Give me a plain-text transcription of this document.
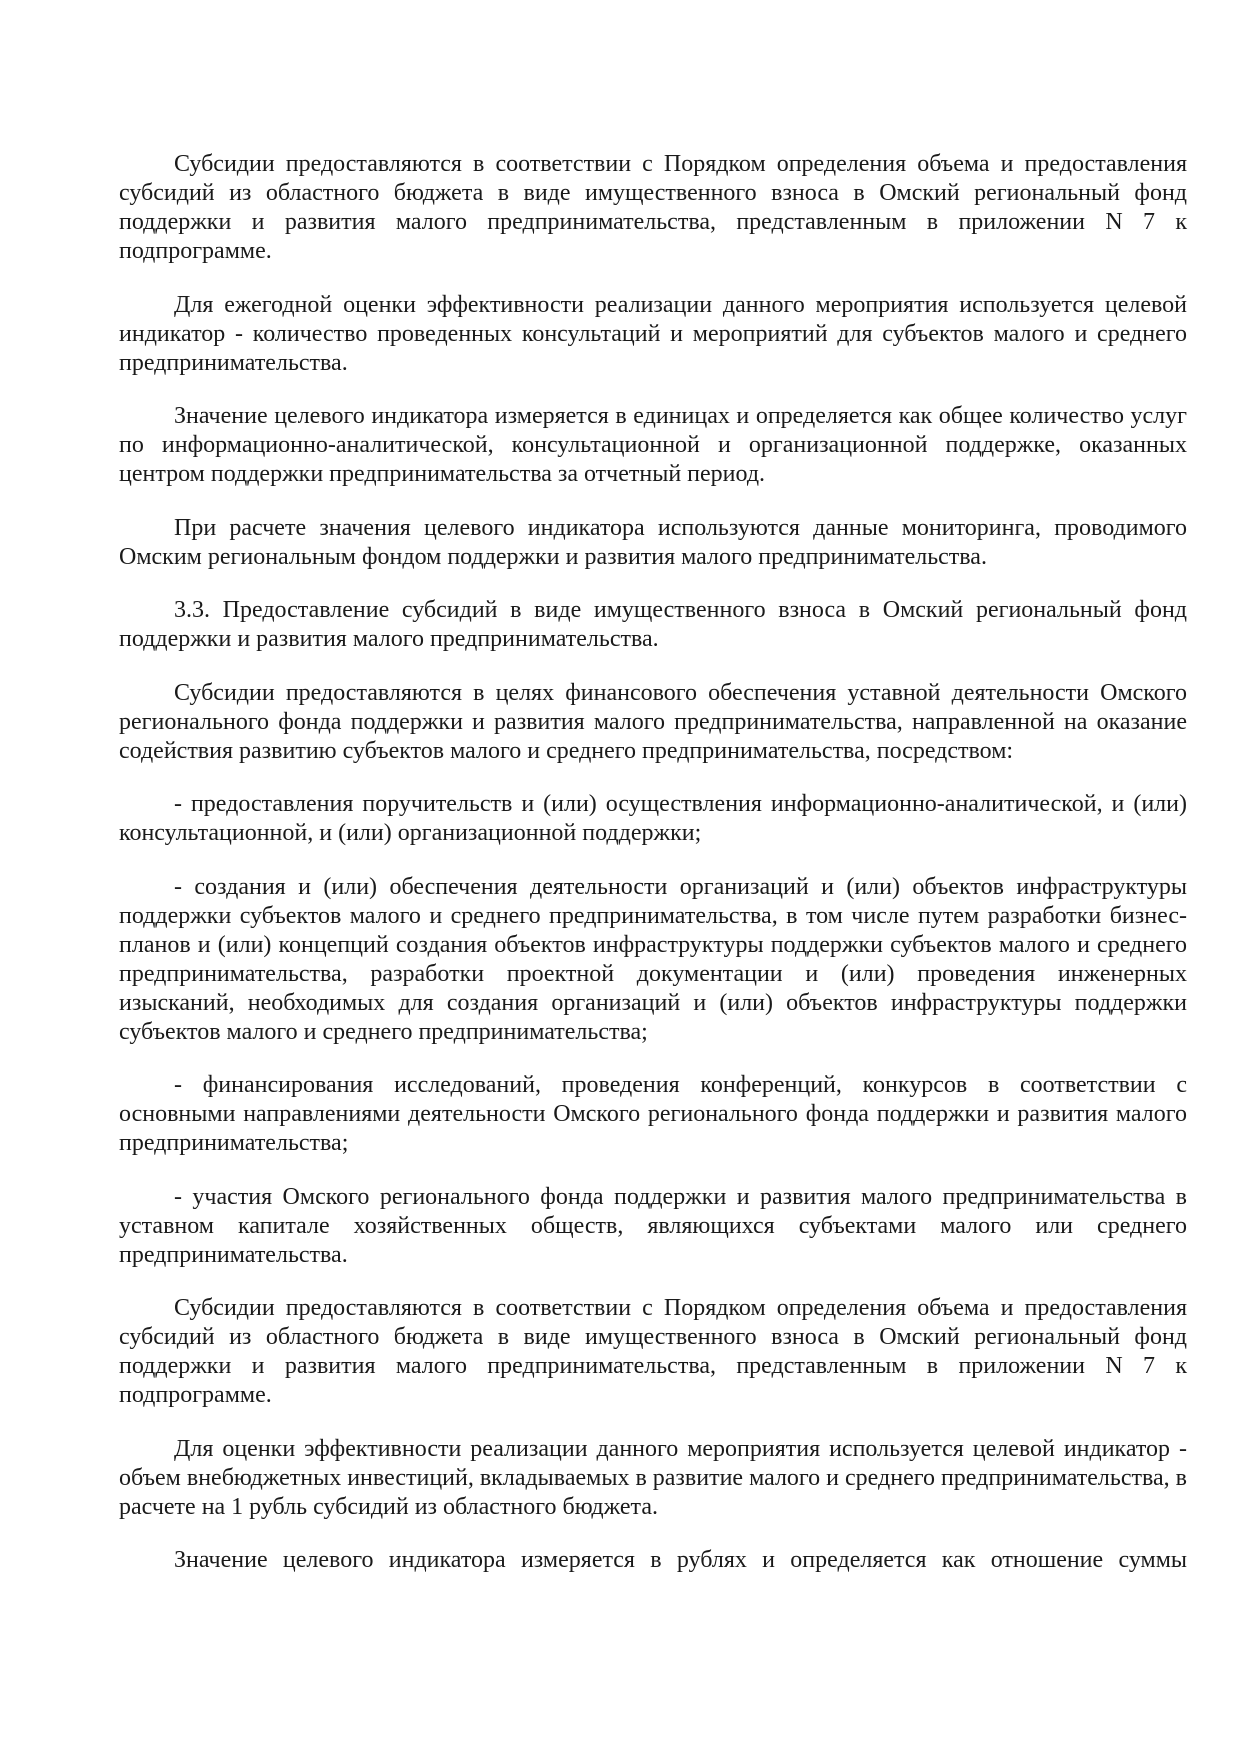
Субсидии предоставляются в соответствии с Порядком определения объема и предоставления субсидий из областного бюджета в виде имущественного взноса в Омский региональный фонд поддержки и развития малого предпринимательства, представленным в приложении N 7 к подпрограмме.

Для ежегодной оценки эффективности реализации данного мероприятия используется целевой индикатор - количество проведенных консультаций и мероприятий для субъектов малого и среднего предпринимательства.

Значение целевого индикатора измеряется в единицах и определяется как общее количество услуг по информационно-аналитической, консультационной и организационной поддержке, оказанных центром поддержки предпринимательства за отчетный период.

При расчете значения целевого индикатора используются данные мониторинга, проводимого Омским региональным фондом поддержки и развития малого предпринимательства.

3.3. Предоставление субсидий в виде имущественного взноса в Омский региональный фонд поддержки и развития малого предпринимательства.

Субсидии предоставляются в целях финансового обеспечения уставной деятельности Омского регионального фонда поддержки и развития малого предпринимательства, направленной на оказание содействия развитию субъектов малого и среднего предпринимательства, посредством:

- предоставления поручительств и (или) осуществления информационно-аналитической, и (или) консультационной, и (или) организационной поддержки;

- создания и (или) обеспечения деятельности организаций и (или) объектов инфраструктуры поддержки субъектов малого и среднего предпринимательства, в том числе путем разработки бизнес-планов и (или) концепций создания объектов инфраструктуры поддержки субъектов малого и среднего предпринимательства, разработки проектной документации и (или) проведения инженерных изысканий, необходимых для создания организаций и (или) объектов инфраструктуры поддержки субъектов малого и среднего предпринимательства;

- финансирования исследований, проведения конференций, конкурсов в соответствии с основными направлениями деятельности Омского регионального фонда поддержки и развития малого предпринимательства;

- участия Омского регионального фонда поддержки и развития малого предпринимательства в уставном капитале хозяйственных обществ, являющихся субъектами малого или среднего предпринимательства.

Субсидии предоставляются в соответствии с Порядком определения объема и предоставления субсидий из областного бюджета в виде имущественного взноса в Омский региональный фонд поддержки и развития малого предпринимательства, представленным в приложении N 7 к подпрограмме.

Для оценки эффективности реализации данного мероприятия используется целевой индикатор - объем внебюджетных инвестиций, вкладываемых в развитие малого и среднего предпринимательства, в расчете на 1 рубль субсидий из областного бюджета.

Значение целевого индикатора измеряется в рублях и определяется как отношение суммы
